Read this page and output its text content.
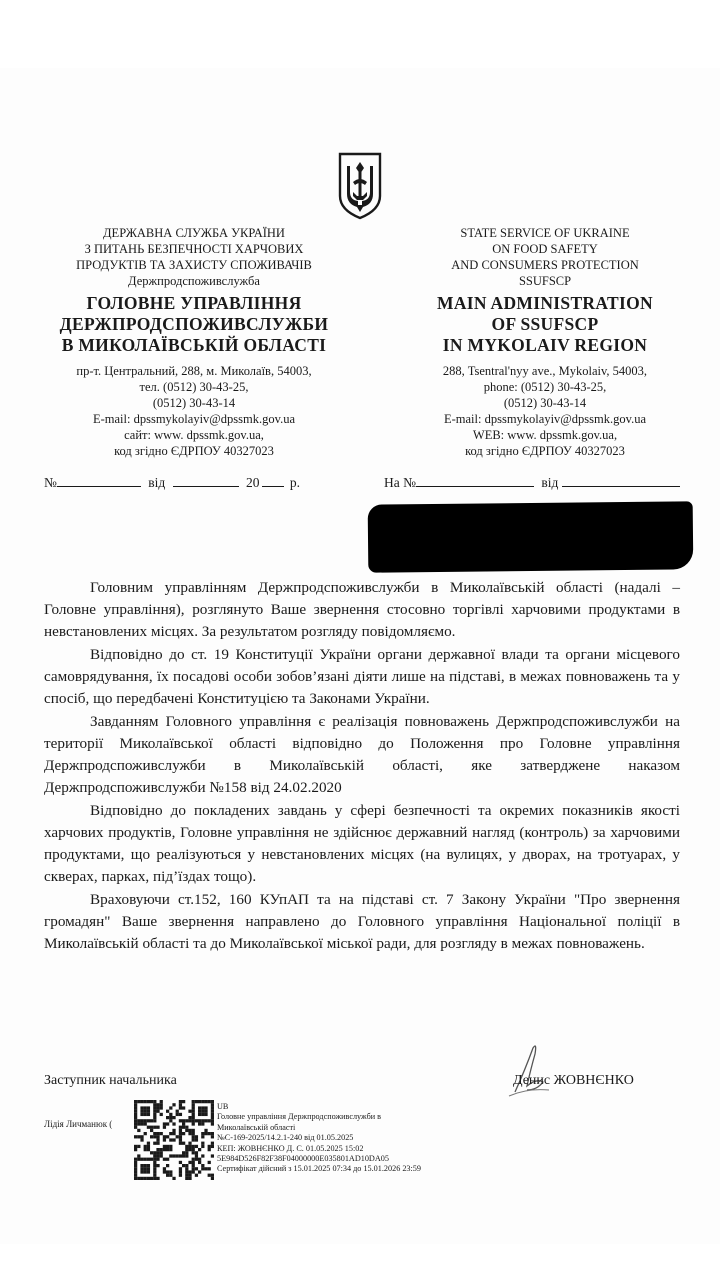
ДЕРЖАВНА СЛУЖБА УКРАЇНИ
З ПИТАНЬ БЕЗПЕЧНОСТІ ХАРЧОВИХ
ПРОДУКТІВ ТА ЗАХИСТУ СПОЖИВАЧІВ
Держпродспоживслужба
ГОЛОВНЕ УПРАВЛІННЯ
ДЕРЖПРОДСПОЖИВСЛУЖБИ
В МИКОЛАЇВСЬКІЙ ОБЛАСТІ
пр-т. Центральний, 288, м. Миколаїв, 54003,
тел. (0512) 30-43-25,
(0512) 30-43-14
E-mail: dpssmykolayiv@dpssmk.gov.ua
сайт: www. dpssmk.gov.ua,
код згідно ЄДРПОУ 40327023
STATE SERVICE OF UKRAINE
ON FOOD SAFETY
AND CONSUMERS PROTECTION
SSUFSCP
MAIN ADMINISTRATION
OF SSUFSCP
IN MYKOLAIV REGION
288, Tsentral'nyy ave., Mykolaiv, 54003,
phone: (0512) 30-43-25,
(0512) 30-43-14
E-mail: dpssmykolayiv@dpssmk.gov.ua
WEB: www. dpssmk.gov.ua,
код згідно ЄДРПОУ 40327023
№	від	20 р.	На №	від

Головним управлінням Держпродспоживслужби в Миколаївській області (надалі – Головне управління), розглянуто Ваше звернення стосовно торгівлі харчовими продуктами в невстановлених місцях. За результатом розгляду повідомляємо.

Відповідно до ст. 19 Конституції України органи державної влади та органи місцевого самоврядування, їх посадові особи зобов’язані діяти лише на підставі, в межах повноважень та у спосіб, що передбачені Конституцією та Законами України.

Завданням Головного управління є реалізація повноважень Держпродспоживслужби на території Миколаївської області відповідно до Положення про Головне управління Держпродспоживслужби в Миколаївській області, яке затверджене наказом Держпродспоживслужби №158 від 24.02.2020

Відповідно до покладених завдань у сфері безпечності та окремих показників якості харчових продуктів, Головне управління не здійснює державний нагляд (контроль) за харчовими продуктами, що реалізуються у невстановлених місцях (на вулицях, у дворах, на тротуарах, у скверах, парках, під’їздах тощо).

Враховуючи ст.152, 160 КУпАП та на підставі ст. 7 Закону України "Про звернення громадян" Ваше звернення направлено до Головного управління Національної поліції в Миколаївській області та до Миколаївської міської ради, для розгляду в межах повноважень.

Заступник начальника	Денис ЖОВНЄНКО
Лідія Личманюк (
UB
Головне управління Держпродспоживслужби в
Миколаївській області
№С-169-2025/14.2.1-240 від 01.05.2025
КЕП: ЖОВНЄНКО Д. С. 01.05.2025 15:02
5E984D526F82F38F04000000E035801AD10DA05
Сертифікат дійсний з 15.01.2025 07:34 до 15.01.2026 23:59
